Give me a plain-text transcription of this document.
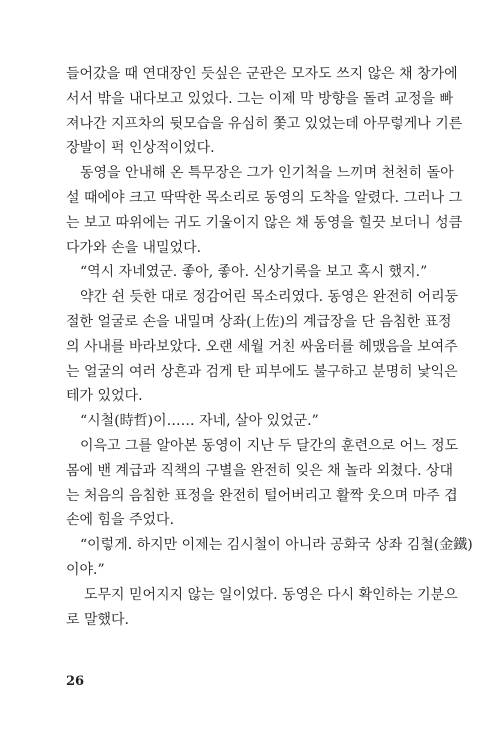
들어갔을 때 연대장인 듯싶은 군관은 모자도 쓰지 않은 채 창가에
서서 밖을 내다보고 있었다. 그는 이제 막 방향을 돌려 교정을 빠
져나간 지프차의 뒷모습을 유심히 쫓고 있었는데 아무렇게나 기른
장발이 퍽 인상적이었다.
동영을 안내해 온 특무장은 그가 인기척을 느끼며 천천히 돌아
설 때에야 크고 딱딱한 목소리로 동영의 도착을 알렸다. 그러나 그
는 보고 따위에는 귀도 기울이지 않은 채 동영을 힐끗 보더니 성큼
다가와 손을 내밀었다.
“역시 자네였군. 좋아, 좋아. 신상기록을 보고 혹시 했지.”
약간 쉰 듯한 대로 정감어린 목소리였다. 동영은 완전히 어리둥
절한 얼굴로 손을 내밀며 상좌(上佐)의 계급장을 단 음침한 표정
의 사내를 바라보았다. 오랜 세월 거친 싸움터를 헤맸음을 보여주
는 얼굴의 여러 상흔과 검게 탄 피부에도 불구하고 분명히 낯익은
테가 있었다.
“시철(時哲)이…… 자네, 살아 있었군.”
이윽고 그를 알아본 동영이 지난 두 달간의 훈련으로 어느 정도
몸에 밴 계급과 직책의 구별을 완전히 잊은 채 놀라 외쳤다. 상대
는 처음의 음침한 표정을 완전히 털어버리고 활짝 웃으며 마주 겹
손에 힘을 주었다.
“이렇게. 하지만 이제는 김시철이 아니라 공화국 상좌 김철(金鐵)
이야.”
도무지 믿어지지 않는 일이었다. 동영은 다시 확인하는 기분으
로 말했다.
26
